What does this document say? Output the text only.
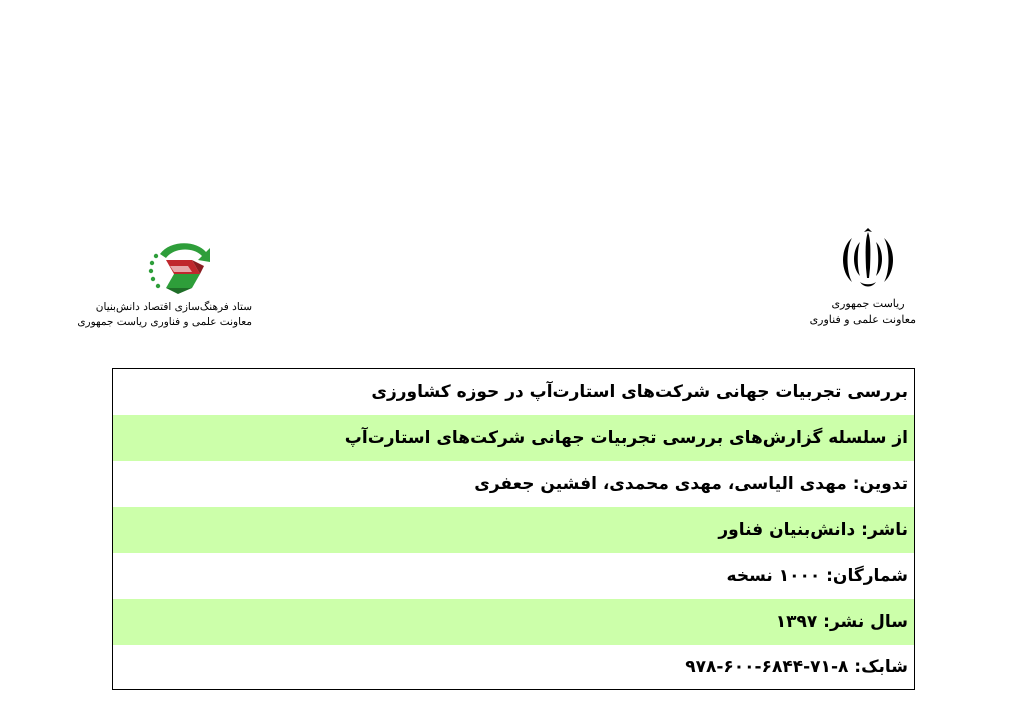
ریاست جمهوری
معاونت علمی و فناوری
ستاد فرهنگ‌سازی اقتصاد دانش‌بنیان
معاونت علمی و فناوری ریاست جمهوری
بررسی تجربیات جهانی شرکت‌های استارت‌آپ در حوزه کشاورزی
از سلسله گزارش‌های بررسی تجربیات جهانی شرکت‌های استارت‌آپ
تدوین: مهدی الیاسی، مهدی محمدی، افشین جعفری
ناشر: دانش‌بنیان فناور
شمارگان: ۱۰۰۰ نسخه
سال نشر: ۱۳۹۷
شابک: ۸-۷۱-۶۸۴۴-۶۰۰-۹۷۸
